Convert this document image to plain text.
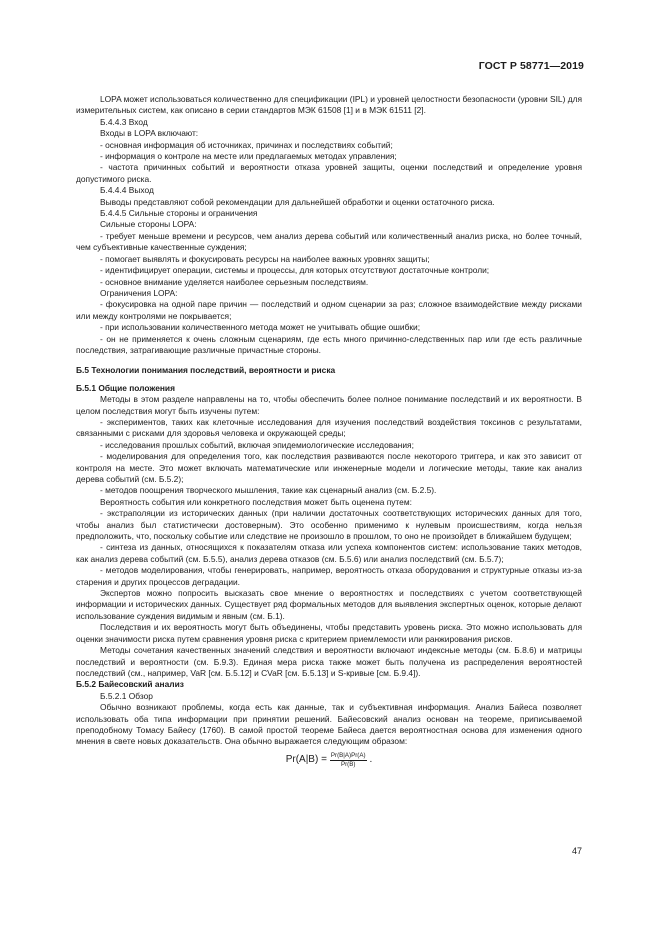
ГОСТ Р 58771—2019

LOPA может использоваться количественно для спецификации (IPL) и уровней целостности безопасности (уровни SIL) для измерительных систем, как описано в серии стандартов МЭК 61508 [1] и в МЭК 61511 [2].

Б.4.4.3 Вход

Входы в LOPA включают:

- основная информация об источниках, причинах и последствиях событий;

- информация о контроле на месте или предлагаемых методах управления;

- частота причинных событий и вероятности отказа уровней защиты, оценки последствий и определение уровня допустимого риска.

Б.4.4.4 Выход

Выводы представляют собой рекомендации для дальнейшей обработки и оценки остаточного риска.

Б.4.4.5 Сильные стороны и ограничения

Сильные стороны LOPA:

- требует меньше времени и ресурсов, чем анализ дерева событий или количественный анализ риска, но более точный, чем субъективные качественные суждения;

- помогает выявлять и фокусировать ресурсы на наиболее важных уровнях защиты;

- идентифицирует операции, системы и процессы, для которых отсутствуют достаточные контроли;

- основное внимание уделяется наиболее серьезным последствиям.

Ограничения LOPA:

- фокусировка на одной паре причин — последствий и одном сценарии за раз; сложное взаимодействие между рисками или между контролями не покрывается;

- при использовании количественного метода может не учитывать общие ошибки;

- он не применяется к очень сложным сценариям, где есть много причинно-следственных пар или где есть различные последствия, затрагивающие различные причастные стороны.

Б.5 Технологии понимания последствий, вероятности и риска

Б.5.1 Общие положения

Методы в этом разделе направлены на то, чтобы обеспечить более полное понимание последствий и их вероятности. В целом последствия могут быть изучены путем:

- экспериментов, таких как клеточные исследования для изучения последствий воздействия токсинов с результатами, связанными с рисками для здоровья человека и окружающей среды;

- исследования прошлых событий, включая эпидемиологические исследования;

- моделирования для определения того, как последствия развиваются после некоторого триггера, и как это зависит от контроля на месте. Это может включать математические или инженерные модели и логические методы, такие как анализ дерева событий (см. Б.5.2);

- методов поощрения творческого мышления, такие как сценарный анализ (см. Б.2.5).

Вероятность события или конкретного последствия может быть оценена путем:

- экстраполяции из исторических данных (при наличии достаточных соответствующих исторических данных для того, чтобы анализ был статистически достоверным). Это особенно применимо к нулевым происшествиям, когда нельзя предположить, что, поскольку событие или следствие не произошло в прошлом, то оно не произойдет в ближайшем будущем;

- синтеза из данных, относящихся к показателям отказа или успеха компонентов систем: использование таких методов, как анализ дерева событий (см. Б.5.5), анализ дерева отказов (см. Б.5.6) или анализ последствий (см. Б.5.7);

- методов моделирования, чтобы генерировать, например, вероятность отказа оборудования и структурные отказы из-за старения и других процессов деградации.

Экспертов можно попросить высказать свое мнение о вероятностях и последствиях с учетом соответствующей информации и исторических данных. Существует ряд формальных методов для выявления экспертных оценок, которые делают использование суждения видимым и явным (см. Б.1).

Последствия и их вероятность могут быть объединены, чтобы представить уровень риска. Это можно использовать для оценки значимости риска путем сравнения уровня риска с критерием приемлемости или ранжирования рисков.

Методы сочетания качественных значений следствия и вероятности включают индексные методы (см. Б.8.6) и матрицы последствий и вероятности (см. Б.9.3). Единая мера риска также может быть получена из распределения вероятностей последствий (см., например, VaR [см. Б.5.12] и CVaR [см. Б.5.13] и S-кривые [см. Б.9.4]).

Б.5.2 Байесовский анализ

Б.5.2.1 Обзор

Обычно возникают проблемы, когда есть как данные, так и субъективная информация. Анализ Байеса позволяет использовать оба типа информации при принятии решений. Байесовский анализ основан на теореме, приписываемой преподобному Томасу Байесу (1760). В самой простой теореме Байеса дается вероятностная основа для изменения одного мнения в свете новых доказательств. Она обычно выражается следующим образом:

$Pr(A|B) = \frac{Pr(B|A)Pr(A)}{Pr(B)}$ .
47
